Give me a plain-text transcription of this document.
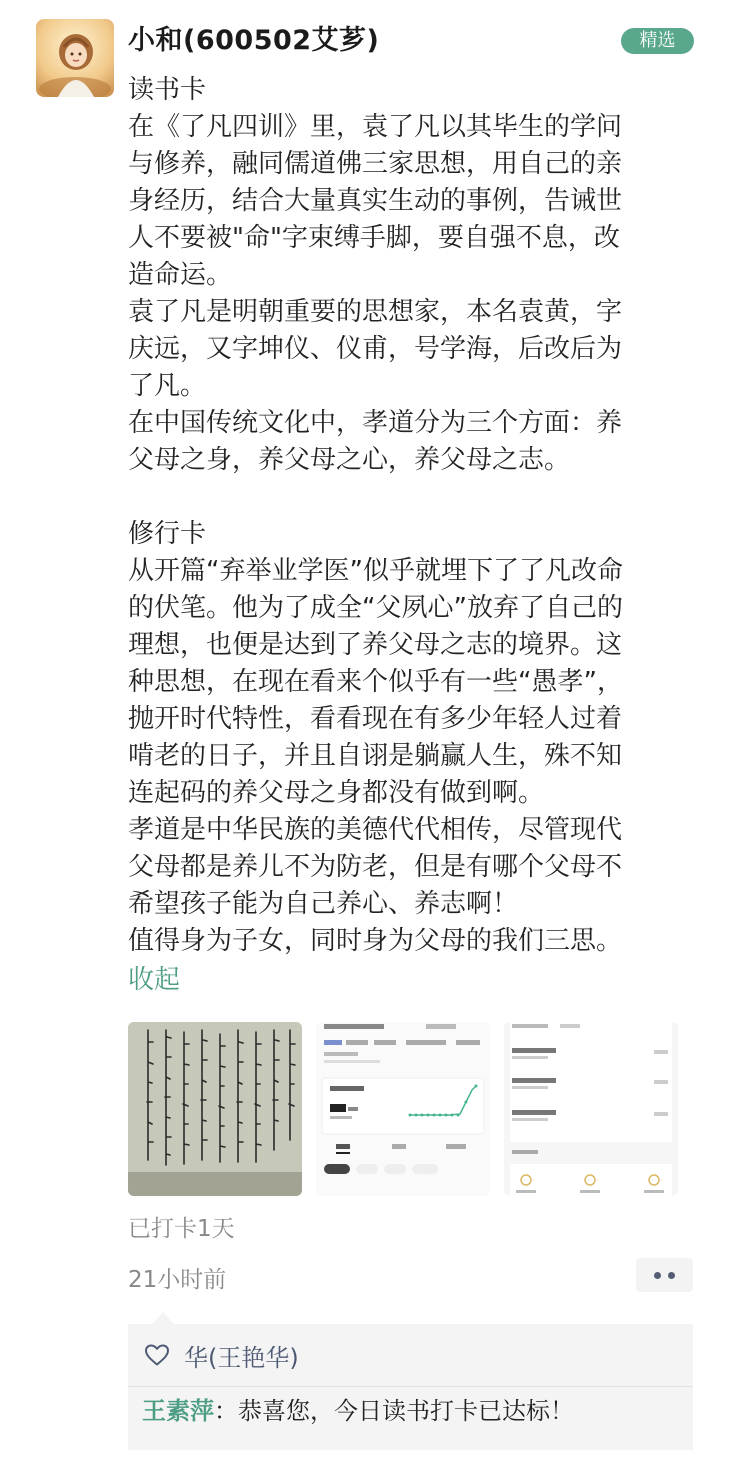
小和(600502艾芗)	精选

读书卡

在《了凡四训》里，袁了凡以其毕生的学问

与修养，融同儒道佛三家思想，用自己的亲

身经历，结合大量真实生动的事例，告诫世

人不要被"命"字束缚手脚，要自强不息，改

造命运。

袁了凡是明朝重要的思想家，本名袁黄，字

庆远，又字坤仪、仪甫，号学海，后改后为

了凡。

在中国传统文化中，孝道分为三个方面：养

父母之身，养父母之心，养父母之志。

修行卡

从开篇“弃举业学医”似乎就埋下了了凡改命

的伏笔。他为了成全“父夙心”放弃了自己的

理想，也便是达到了养父母之志的境界。这

种思想，在现在看来个似乎有一些“愚孝”，

抛开时代特性，看看现在有多少年轻人过着

啃老的日子，并且自诩是躺赢人生，殊不知

连起码的养父母之身都没有做到啊。

孝道是中华民族的美德代代相传，尽管现代

父母都是养儿不为防老，但是有哪个父母不

希望孩子能为自己养心、养志啊！

值得身为子女，同时身为父母的我们三思。

收起
已打卡1天
21小时前
华(王艳华)
王素萍：恭喜您，今日读书打卡已达标！
